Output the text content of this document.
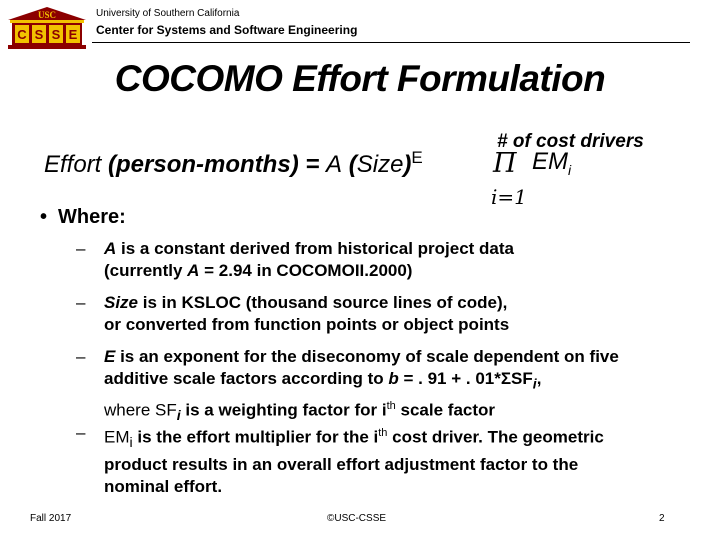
USC
C S S E
University of Southern California
Center for Systems and Software Engineering
COCOMO Effort Formulation
# of cost drivers
Effort (person-months) = A (Size)$^E$	Π $EM_i$
i=1
• Where:
– A is a constant derived from historical project data
(currently A = 2.94 in COCOMOII.2000)
– Size is in KSLOC (thousand source lines of code),
or converted from function points or object points
– E is an exponent for the diseconomy of scale dependent on five
additive scale factors according to b = . 91 + . $01*\Sigma SF_i$,
where $SF_i$ is a weighting factor for $i^{th}$ scale factor
– $EM_i$ is the effort multiplier for the $i^{th}$ cost driver. The geometric
product results in an overall effort adjustment factor to the
nominal effort.
Fall 2017	©USC-CSSE	2
